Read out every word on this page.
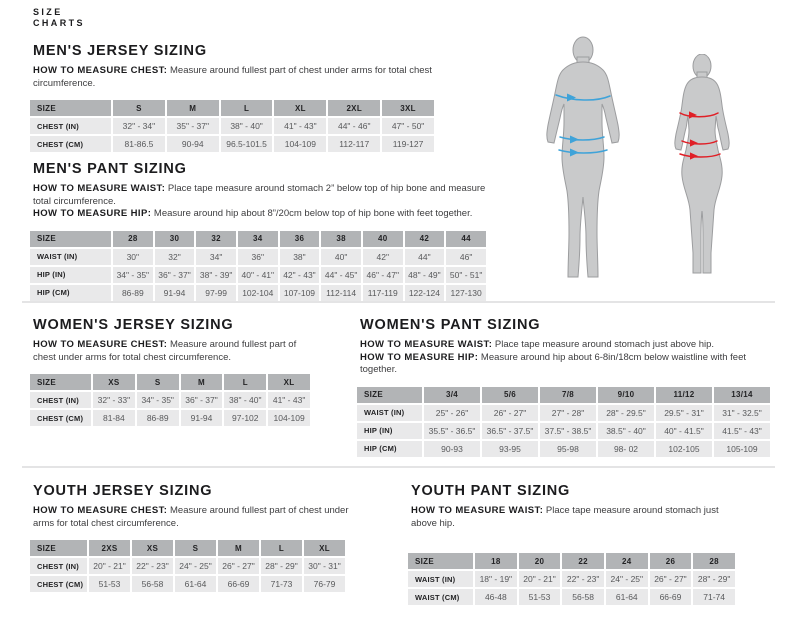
SIZE
CHARTS
MEN'S JERSEY SIZING

HOW TO MEASURE CHEST: Measure around fullest part of chest under arms for total chest circumference.

SIZE	S	M	L	XL	2XL	3XL
CHEST (IN)	32" - 34"	35" - 37"	38" - 40"	41" - 43"	44" - 46"	47" - 50"
CHEST (CM)	81-86.5	90-94	96.5-101.5	104-109	112-117	119-127
MEN'S PANT SIZING

HOW TO MEASURE WAIST: Place tape measure around stomach 2” below top of hip bone and measure total circumference.

HOW TO MEASURE HIP: Measure around hip about 8”/20cm below top of hip bone with feet together.

SIZE	28	30	32	34	36	38	40	42	44
WAIST (IN)	30"	32"	34"	36"	38"	40"	42"	44"	46"
HIP (IN)	34" - 35"	36" - 37"	38" - 39"	40" - 41"	42" - 43"	44" - 45"	46" - 47"	48" - 49"	50" - 51"
HIP (CM)	86-89	91-94	97-99	102-104	107-109	112-114	117-119	122-124	127-130
WOMEN'S JERSEY SIZING

HOW TO MEASURE CHEST: Measure around fullest part of chest under arms for total chest circumference.

SIZE	XS	S	M	L	XL
CHEST (IN)	32" - 33"	34" - 35"	36" - 37"	38" - 40"	41" - 43"
CHEST (CM)	81-84	86-89	91-94	97-102	104-109
WOMEN'S PANT SIZING

HOW TO MEASURE WAIST: Place tape measure around stomach just above hip.

HOW TO MEASURE HIP: Measure around hip about 6-8in/18cm below waistline with feet together.

SIZE	3/4	5/6	7/8	9/10	11/12	13/14
WAIST (IN)	25" - 26"	26" - 27"	27" - 28"	28" - 29.5"	29.5" - 31"	31" - 32.5"
HIP (IN)	35.5" - 36.5"	36.5" - 37.5"	37.5" - 38.5"	38.5" - 40"	40" - 41.5"	41.5" - 43"
HIP (CM)	90-93	93-95	95-98	98- 02	102-105	105-109
YOUTH JERSEY SIZING

HOW TO MEASURE CHEST: Measure around fullest part of chest under arms for total chest circumference.

SIZE	2XS	XS	S	M	L	XL
CHEST (IN)	20" - 21"	22" - 23"	24" - 25"	26" - 27"	28" - 29"	30" - 31"
CHEST (CM)	51-53	56-58	61-64	66-69	71-73	76-79
YOUTH PANT SIZING

HOW TO MEASURE WAIST: Place tape measure around stomach just above hip.

SIZE	18	20	22	24	26	28
WAIST (IN)	18" - 19"	20" - 21"	22" - 23"	24" - 25"	26" - 27"	28" - 29"
WAIST (CM)	46-48	51-53	56-58	61-64	66-69	71-74
